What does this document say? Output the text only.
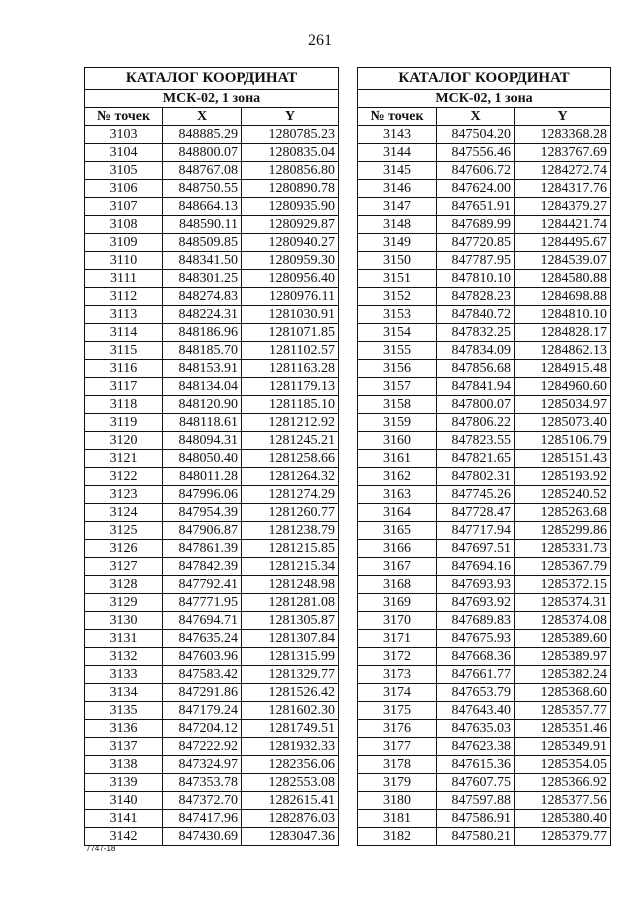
261
КАТАЛОГ КООРДИНАТ		
МСК-02, 1 зона		
№ точек	X	Y
3103	848885.29	1280785.23
3104	848800.07	1280835.04
3105	848767.08	1280856.80
3106	848750.55	1280890.78
3107	848664.13	1280935.90
3108	848590.11	1280929.87
3109	848509.85	1280940.27
3110	848341.50	1280959.30
3111	848301.25	1280956.40
3112	848274.83	1280976.11
3113	848224.31	1281030.91
3114	848186.96	1281071.85
3115	848185.70	1281102.57
3116	848153.91	1281163.28
3117	848134.04	1281179.13
3118	848120.90	1281185.10
3119	848118.61	1281212.92
3120	848094.31	1281245.21
3121	848050.40	1281258.66
3122	848011.28	1281264.32
3123	847996.06	1281274.29
3124	847954.39	1281260.77
3125	847906.87	1281238.79
3126	847861.39	1281215.85
3127	847842.39	1281215.34
3128	847792.41	1281248.98
3129	847771.95	1281281.08
3130	847694.71	1281305.87
3131	847635.24	1281307.84
3132	847603.96	1281315.99
3133	847583.42	1281329.77
3134	847291.86	1281526.42
3135	847179.24	1281602.30
3136	847204.12	1281749.51
3137	847222.92	1281932.33
3138	847324.97	1282356.06
3139	847353.78	1282553.08
3140	847372.70	1282615.41
3141	847417.96	1282876.03
3142	847430.69	1283047.36
КАТАЛОГ КООРДИНАТ		
МСК-02, 1 зона		
№ точек	X	Y
3143	847504.20	1283368.28
3144	847556.46	1283767.69
3145	847606.72	1284272.74
3146	847624.00	1284317.76
3147	847651.91	1284379.27
3148	847689.99	1284421.74
3149	847720.85	1284495.67
3150	847787.95	1284539.07
3151	847810.10	1284580.88
3152	847828.23	1284698.88
3153	847840.72	1284810.10
3154	847832.25	1284828.17
3155	847834.09	1284862.13
3156	847856.68	1284915.48
3157	847841.94	1284960.60
3158	847800.07	1285034.97
3159	847806.22	1285073.40
3160	847823.55	1285106.79
3161	847821.65	1285151.43
3162	847802.31	1285193.92
3163	847745.26	1285240.52
3164	847728.47	1285263.68
3165	847717.94	1285299.86
3166	847697.51	1285331.73
3167	847694.16	1285367.79
3168	847693.93	1285372.15
3169	847693.92	1285374.31
3170	847689.83	1285374.08
3171	847675.93	1285389.60
3172	847668.36	1285389.97
3173	847661.77	1285382.24
3174	847653.79	1285368.60
3175	847643.40	1285357.77
3176	847635.03	1285351.46
3177	847623.38	1285349.91
3178	847615.36	1285354.05
3179	847607.75	1285366.92
3180	847597.88	1285377.56
3181	847586.91	1285380.40
3182	847580.21	1285379.77
7747-18
